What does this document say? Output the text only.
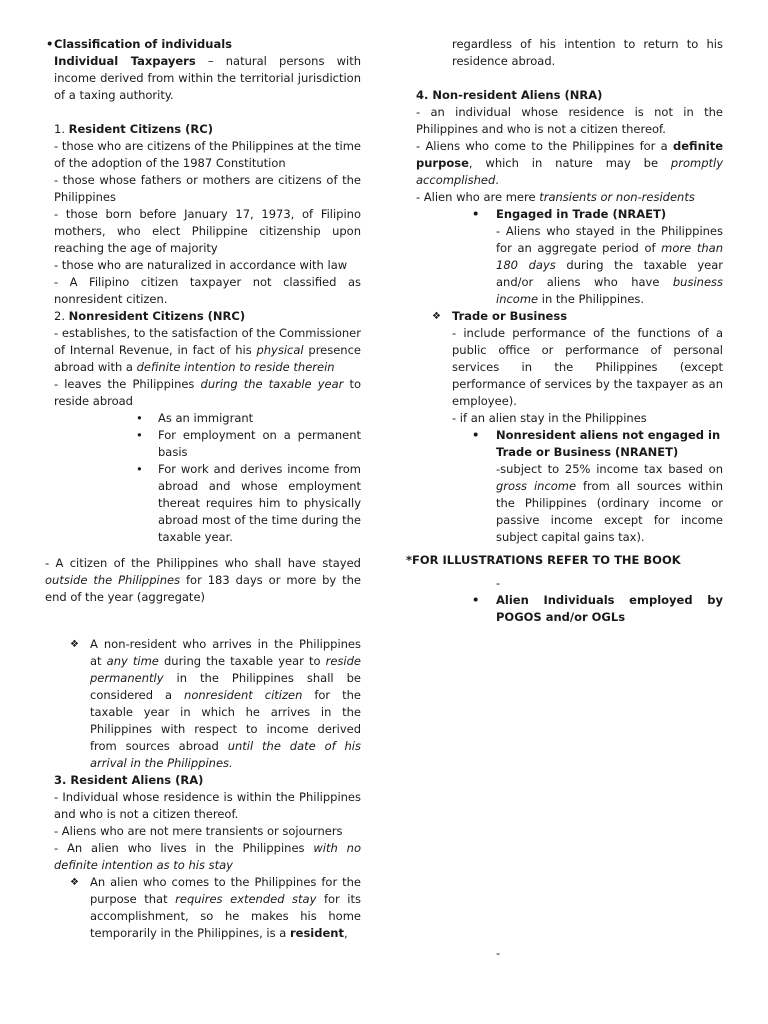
• Classification of individuals

Individual Taxpayers – natural persons with income derived from within the territorial jurisdiction of a taxing authority.

1. Resident Citizens (RC)

- those who are citizens of the Philippines at the time of the adoption of the 1987 Constitution

- those whose fathers or mothers are citizens of the Philippines

- those born before January 17, 1973, of Filipino mothers, who elect Philippine citizenship upon reaching the age of majority

- those who are naturalized in accordance with law

- A Filipino citizen taxpayer not classified as nonresident citizen.

2. Nonresident Citizens (NRC)

- establishes, to the satisfaction of the Commissioner of Internal Revenue, in fact of his physical presence abroad with a definite intention to reside therein

- leaves the Philippines during the taxable year to reside abroad

• As an immigrant
• For employment on a permanent basis
• For work and derives income from abroad and whose employment thereat requires him to physically abroad most of the time during the taxable year.

- A citizen of the Philippines who shall have stayed outside the Philippines for 183 days or more by the end of the year (aggregate)

❖ A non-resident who arrives in the Philippines at any time during the taxable year to reside permanently in the Philippines shall be considered a nonresident citizen for the taxable year in which he arrives in the Philippines with respect to income derived from sources abroad until the date of his arrival in the Philippines.

3. Resident Aliens (RA)

- Individual whose residence is within the Philippines and who is not a citizen thereof.

- Aliens who are not mere transients or sojourners

- An alien who lives in the Philippines with no definite intention as to his stay

❖ An alien who comes to the Philippines for the purpose that requires extended stay for its accomplishment, so he makes his home temporarily in the Philippines, is a resident,

regardless of his intention to return to his residence abroad.

4. Non-resident Aliens (NRA)

- an individual whose residence is not in the Philippines and who is not a citizen thereof.

- Aliens who come to the Philippines for a definite purpose, which in nature may be promptly accomplished.

- Alien who are mere transients or non-residents

• Engaged in Trade (NRAET)

- Aliens who stayed in the Philippines for an aggregate period of more than 180 days during the taxable year and/or aliens who have business income in the Philippines.

❖ Trade or Business

- include performance of the functions of a public office or performance of personal services in the Philippines (except performance of services by the taxpayer as an employee).

- if an alien stay in the Philippines

• Nonresident aliens not engaged in Trade or Business (NRANET)

-subject to 25% income tax based on gross income from all sources within the Philippines (ordinary income or passive income except for income subject capital gains tax).

*FOR ILLUSTRATIONS REFER TO THE BOOK

-

• Alien Individuals employed by POGOS and/or OGLs

-
